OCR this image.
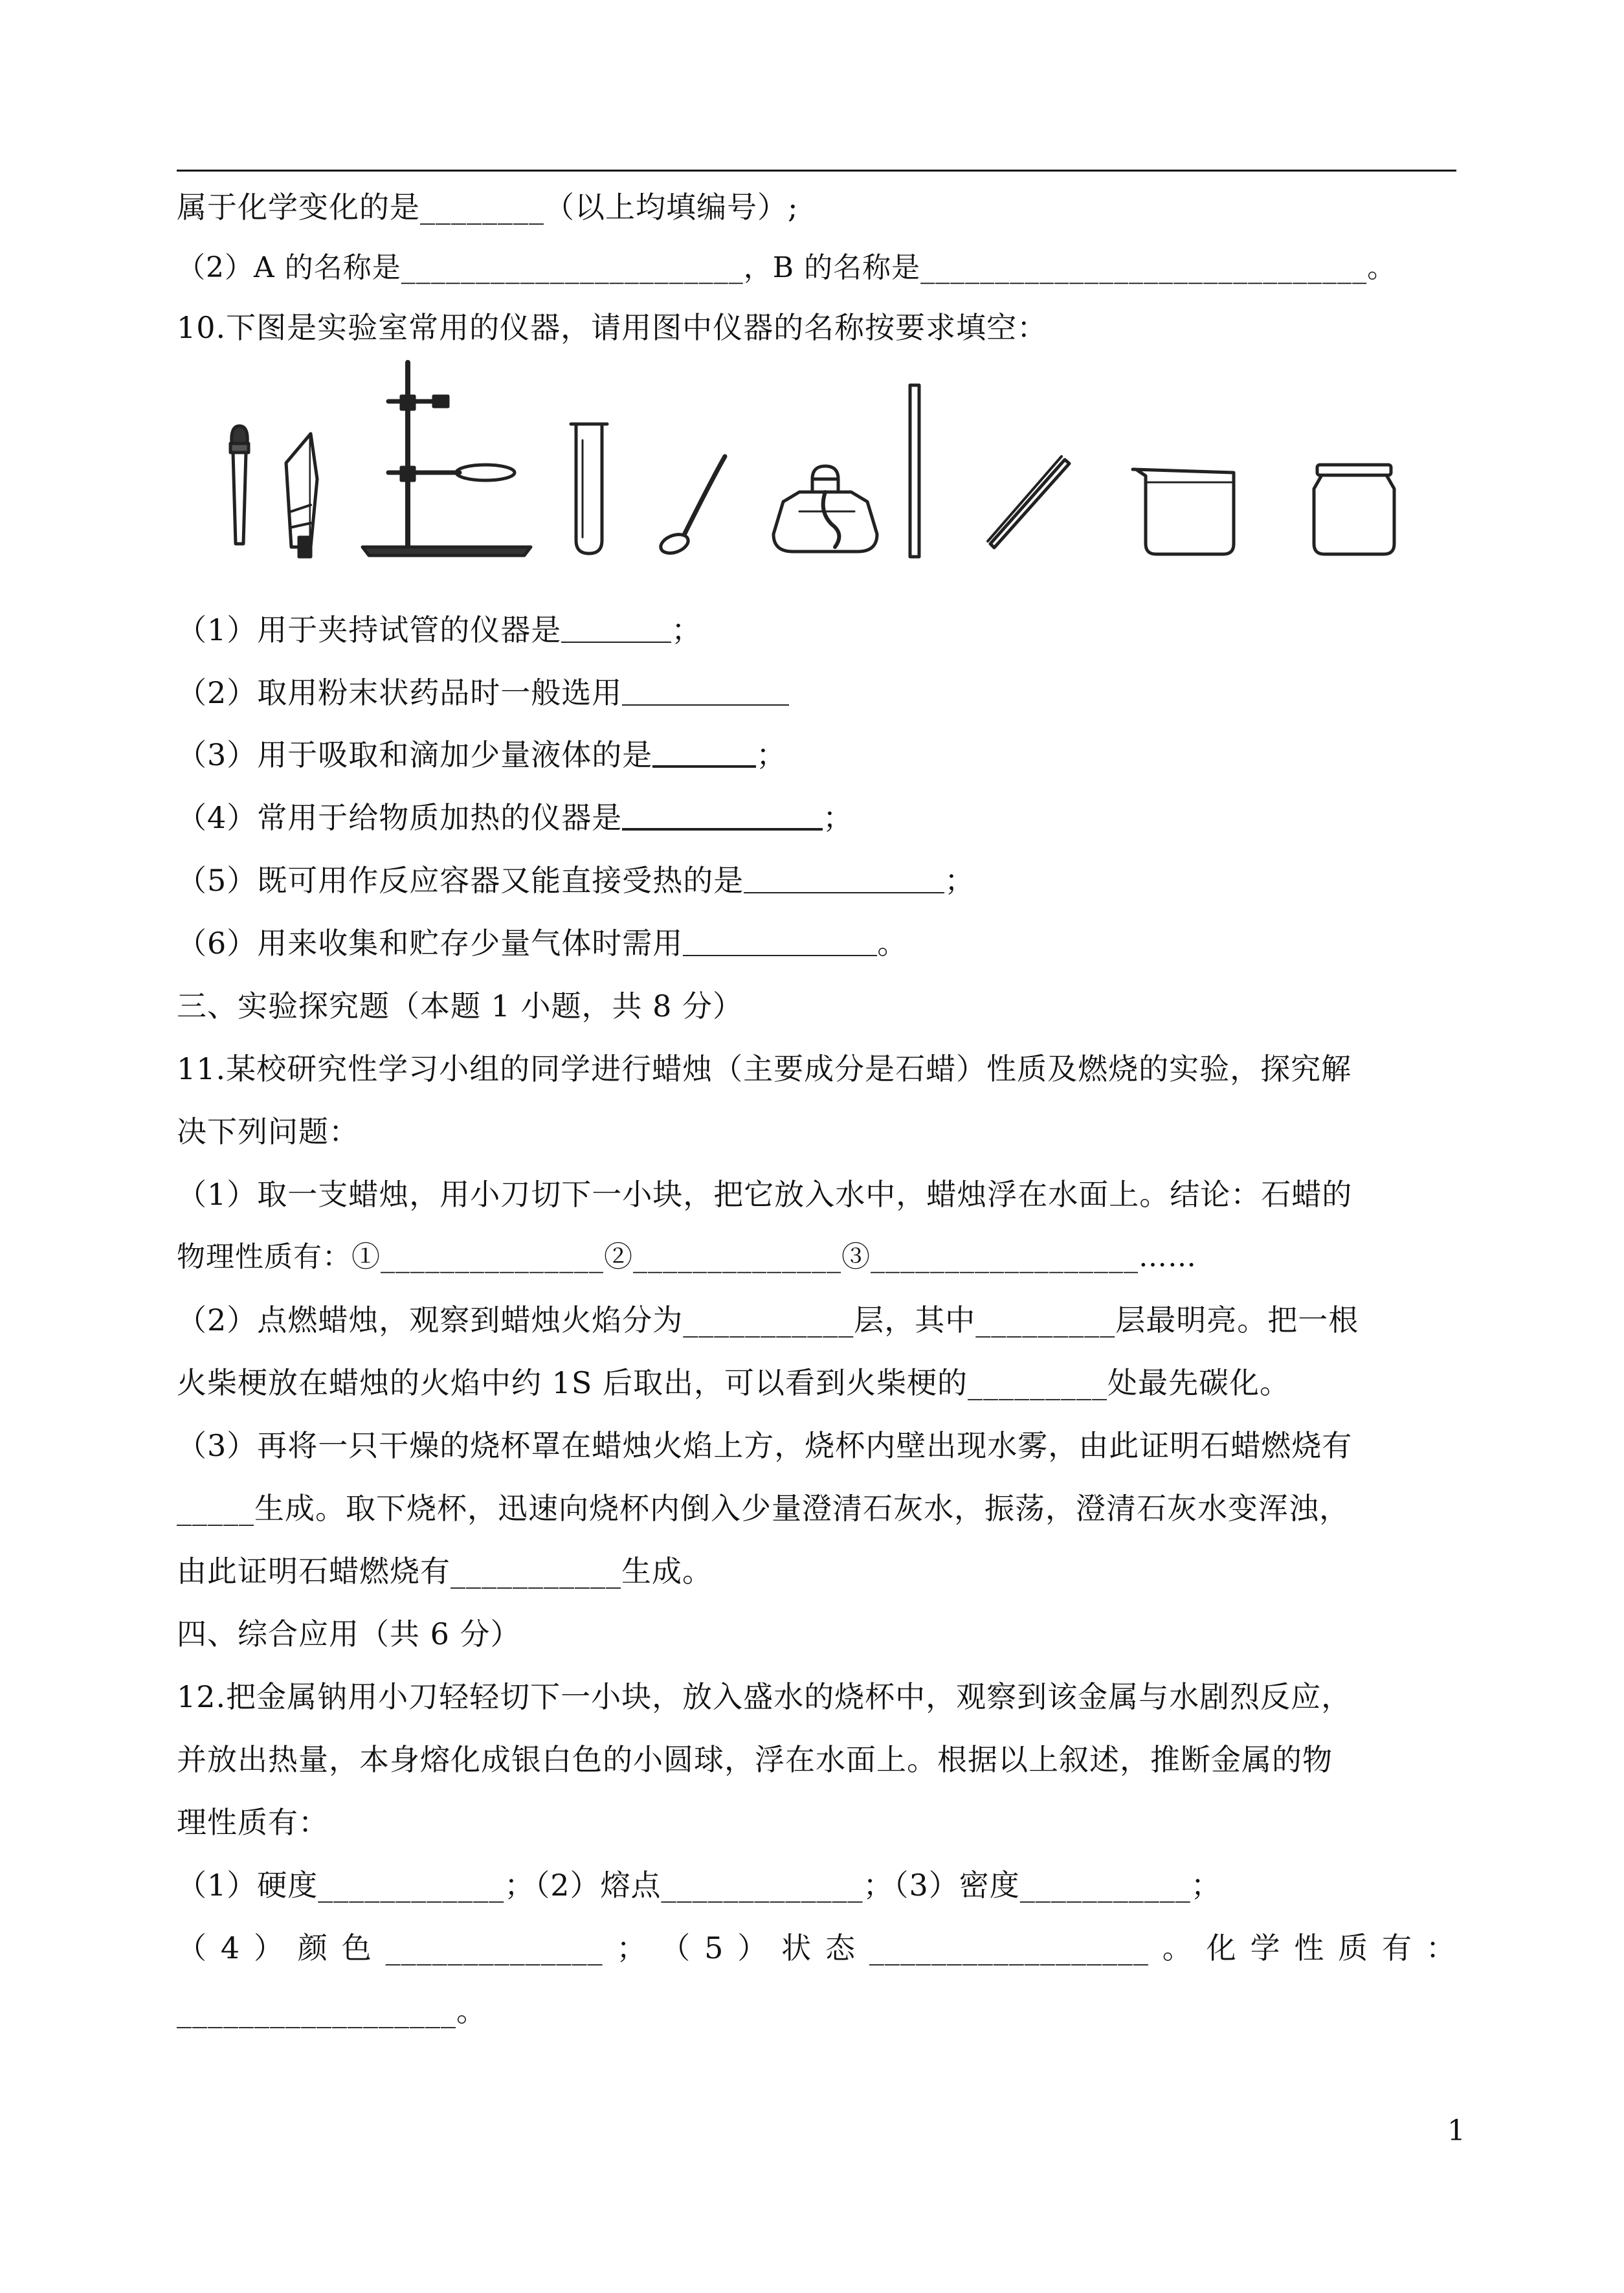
属于化学变化的是________（以上均填编号）;
（2）A 的名称是_______________________，B 的名称是______________________________。
10.下图是实验室常用的仪器，请用图中仪器的名称按要求填空：
（1）用于夹持试管的仪器是	；
（2）取用粉末状药品时一般选用
（3）用于吸取和滴加少量液体的是	；
（4）常用于给物质加热的仪器是	；
（5）既可用作反应容器又能直接受热的是	；
（6）用来收集和贮存少量气体时需用	。
三、实验探究题（本题 1 小题，共 8 分）
11.某校研究性学习小组的同学进行蜡烛（主要成分是石蜡）性质及燃烧的实验，探究解
决下列问题：
（1）取一支蜡烛，用小刀切下一小块，把它放入水中，蜡烛浮在水面上。结论：石蜡的
物理性质有：①_______________②______________③__________________……
（2）点燃蜡烛，观察到蜡烛火焰分为___________层，其中_________层最明亮。把一根
火柴梗放在蜡烛的火焰中约 1S 后取出，可以看到火柴梗的_________处最先碳化。
（3）再将一只干燥的烧杯罩在蜡烛火焰上方，烧杯内壁出现水雾，由此证明石蜡燃烧有
_____生成。取下烧杯，迅速向烧杯内倒入少量澄清石灰水，振荡，澄清石灰水变浑浊，
由此证明石蜡燃烧有___________生成。
四、综合应用（共 6 分）
12.把金属钠用小刀轻轻切下一小块，放入盛水的烧杯中，观察到该金属与水剧烈反应，
并放出热量，本身熔化成银白色的小圆球，浮在水面上。根据以上叙述，推断金属的物
理性质有：
（1）硬度____________；（2）熔点_____________；（3）密度___________；
（ 4 ） 颜 色 ______________ ； （ 5 ） 状 态 __________________ 。 化 学 性 质 有 ：
__________________。
1
